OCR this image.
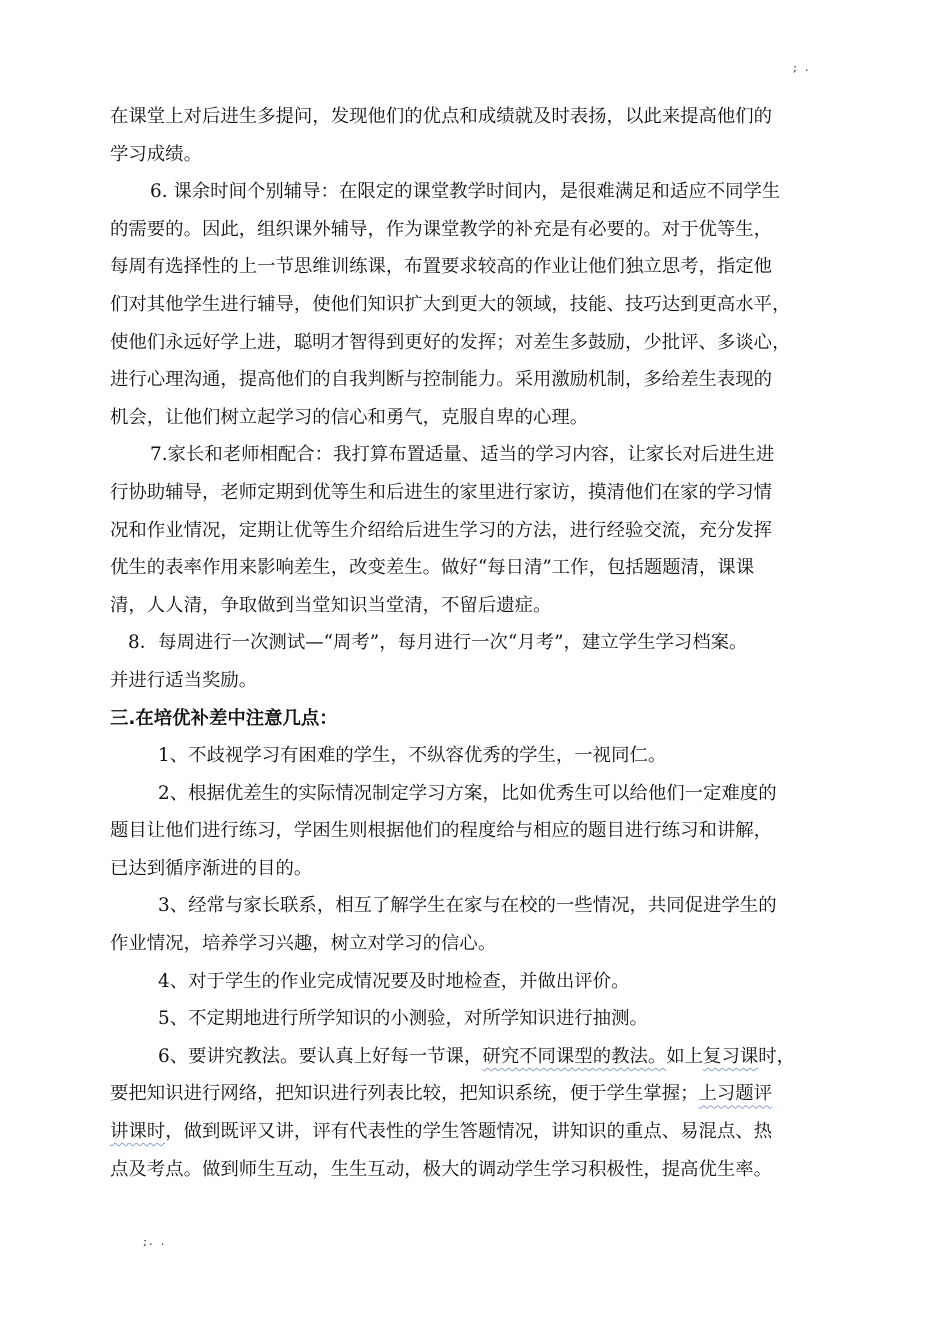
; .
在课堂上对后进生多提问，发现他们的优点和成绩就及时表扬，以此来提高他们的
学习成绩。
6. 课余时间个别辅导：在限定的课堂教学时间内，是很难满足和适应不同学生
的需要的。因此，组织课外辅导，作为课堂教学的补充是有必要的。对于优等生，
每周有选择性的上一节思维训练课，布置要求较高的作业让他们独立思考，指定他
们对其他学生进行辅导，使他们知识扩大到更大的领域，技能、技巧达到更高水平，
使他们永远好学上进，聪明才智得到更好的发挥；对差生多鼓励，少批评、多谈心，
进行心理沟通，提高他们的自我判断与控制能力。采用激励机制，多给差生表现的
机会，让他们树立起学习的信心和勇气，克服自卑的心理。
7.家长和老师相配合：我打算布置适量、适当的学习内容，让家长对后进生进
行协助辅导，老师定期到优等生和后进生的家里进行家访，摸清他们在家的学习情
况和作业情况，定期让优等生介绍给后进生学习的方法，进行经验交流，充分发挥
优生的表率作用来影响差生，改变差生。做好“每日清”工作，包括题题清，课课
清，人人清，争取做到当堂知识当堂清，不留后遗症。
8．每周进行一次测试—“周考”，每月进行一次“月考”，建立学生学习档案。
并进行适当奖励。
三.在培优补差中注意几点：
1、不歧视学习有困难的学生，不纵容优秀的学生，一视同仁。
2、根据优差生的实际情况制定学习方案，比如优秀生可以给他们一定难度的
题目让他们进行练习，学困生则根据他们的程度给与相应的题目进行练习和讲解，
已达到循序渐进的目的。
3、经常与家长联系，相互了解学生在家与在校的一些情况，共同促进学生的
作业情况，培养学习兴趣，树立对学习的信心。
4、对于学生的作业完成情况要及时地检查，并做出评价。
5、不定期地进行所学知识的小测验，对所学知识进行抽测。
6、要讲究教法。要认真上好每一节课，研究不同课型的教法。如上复习课时，
要把知识进行网络，把知识进行列表比较，把知识系统，便于学生掌握；上习题评
讲课时，做到既评又讲，评有代表性的学生答题情况，讲知识的重点、易混点、热
点及考点。做到师生互动，生生互动，极大的调动学生学习积极性，提高优生率。
;. .
